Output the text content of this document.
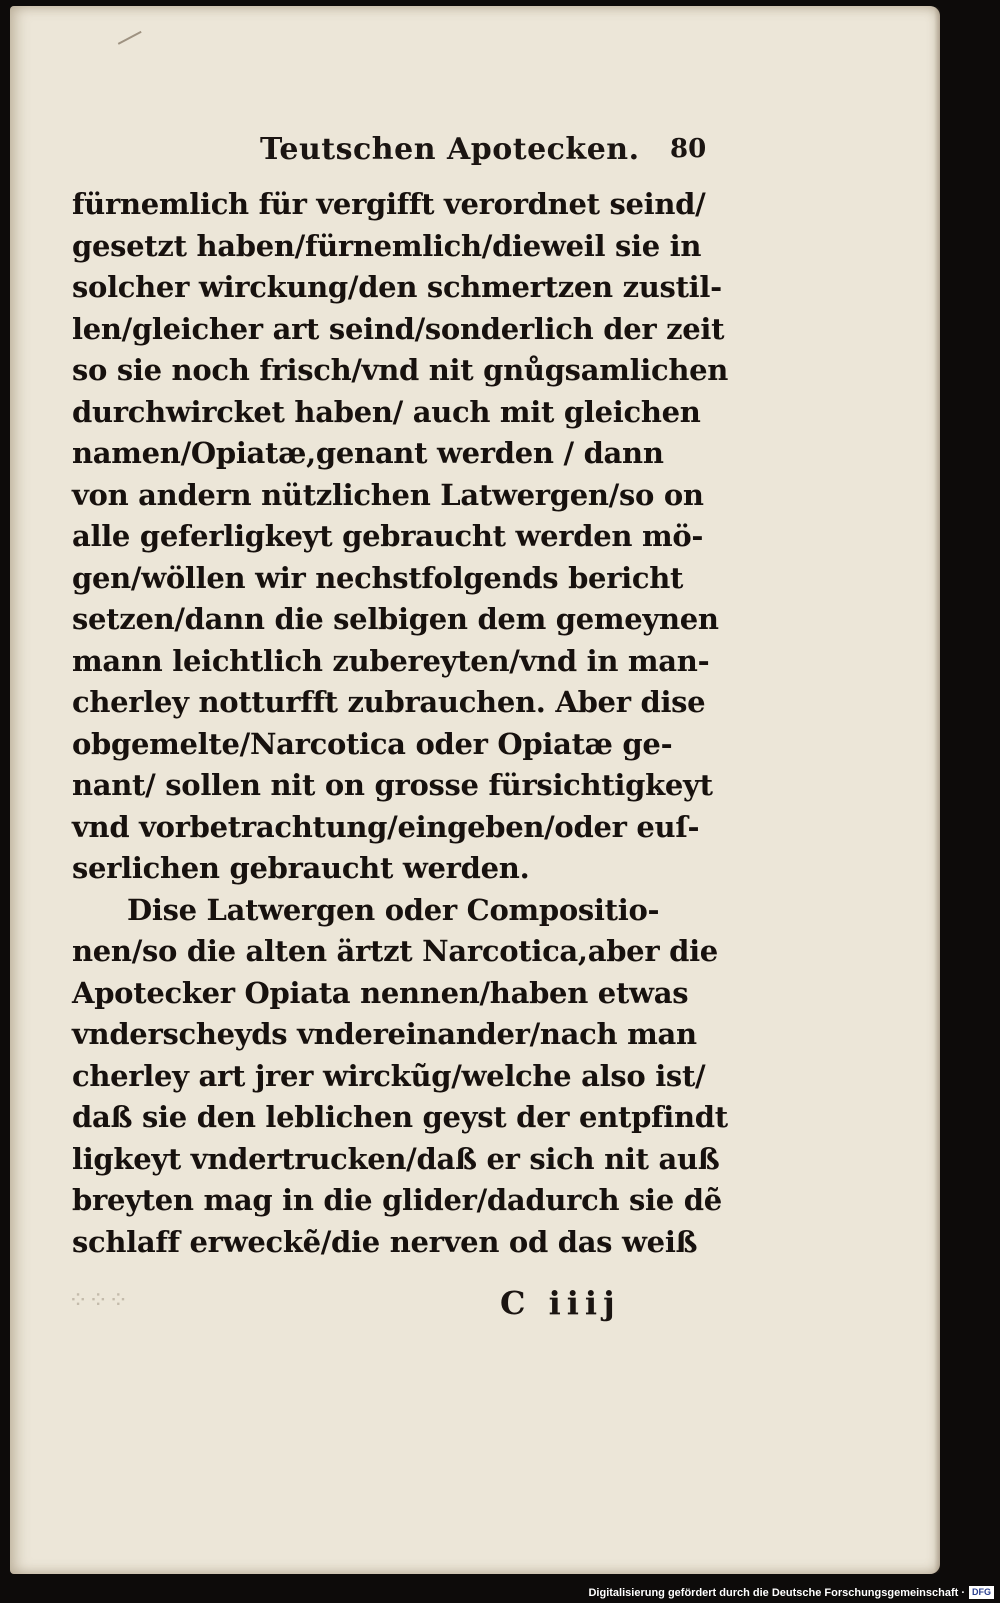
Teutschen Apotecken. 80
fürnemlich für vergifft verordnet seind/
gesetzt haben/fürnemlich/dieweil sie in
solcher wirckung/den schmertzen zustil-
len/gleicher art seind/sonderlich der zeit
so sie noch frisch/vnd nit gnůgsamlichen
durchwircket haben/ auch mit gleichen
namen/Opiatæ,genant werden / dann
von andern nützlichen Latwergen/so on
alle geferligkeyt gebraucht werden mö-
gen/wöllen wir nechstfolgends bericht
setzen/dann die selbigen dem gemeynen
mann leichtlich zubereyten/vnd in man-
cherley notturfft zubrauchen. Aber dise
obgemelte/Narcotica oder Opiatæ ge-
nant/ sollen nit on grosse fürsichtigkeyt
vnd vorbetrachtung/eingeben/oder euſ-
serlichen gebraucht werden.
Dise Latwergen oder Compositio-
nen/so die alten ärtzt Narcotica,aber die
Apotecker Opiata nennen/haben etwas
vnderscheyds vndereinander/nach man
cherley art jrer wirckũg/welche also ist/
daß sie den leblichen geyst der entpfindt
ligkeyt vndertrucken/daß er sich nit auß
breyten mag in die glider/dadurch sie dẽ
schlaff erweckẽ/die nerven od das weiß
⁘⁘⁘	C iiij
Digitalisierung gefördert durch die Deutsche Forschungsgemeinschaft · DFG
